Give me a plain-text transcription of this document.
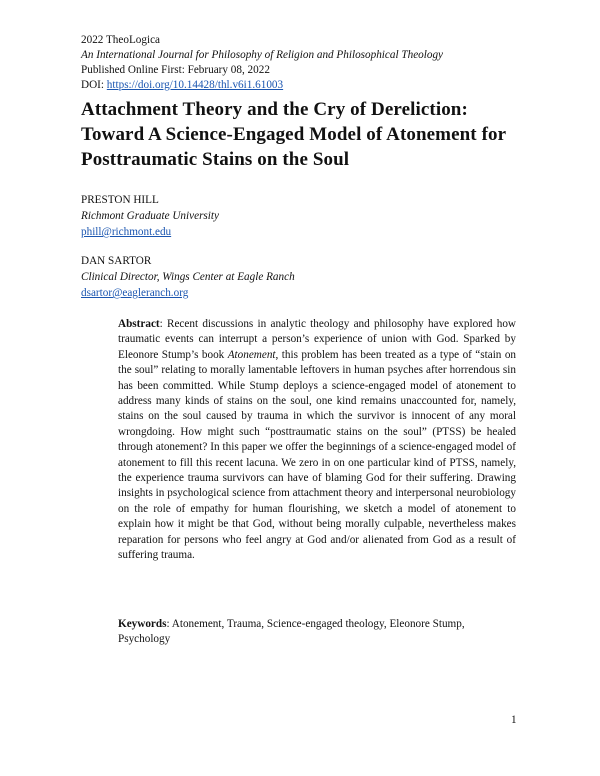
2022 TheoLogica
An International Journal for Philosophy of Religion and Philosophical Theology
Published Online First: February 08, 2022
DOI: https://doi.org/10.14428/thl.v6i1.61003
Attachment Theory and the Cry of Dereliction: Toward A Science-Engaged Model of Atonement for Posttraumatic Stains on the Soul
PRESTON HILL
Richmont Graduate University
phill@richmont.edu
DAN SARTOR
Clinical Director, Wings Center at Eagle Ranch
dsartor@eagleranch.org

Abstract: Recent discussions in analytic theology and philosophy have explored how traumatic events can interrupt a person’s experience of union with God. Sparked by Eleonore Stump’s book Atonement, this problem has been treated as a type of “stain on the soul” relating to morally lamentable leftovers in human psyches after horrendous sin has been committed. While Stump deploys a science-engaged model of atonement to address many kinds of stains on the soul, one kind remains unaccounted for, namely, stains on the soul caused by trauma in which the survivor is innocent of any moral wrongdoing. How might such “posttraumatic stains on the soul” (PTSS) be healed through atonement? In this paper we offer the beginnings of a science-engaged model of atonement to fill this recent lacuna. We zero in on one particular kind of PTSS, namely, the experience trauma survivors can have of blaming God for their suffering. Drawing insights in psychological science from attachment theory and interpersonal neurobiology on the role of empathy for human flourishing, we sketch a model of atonement to explain how it might be that God, without being morally culpable, nevertheless makes reparation for persons who feel angry at God and/or alienated from God as a result of suffering trauma.

Keywords: Atonement, Trauma, Science-engaged theology, Eleonore Stump, Psychology

1
